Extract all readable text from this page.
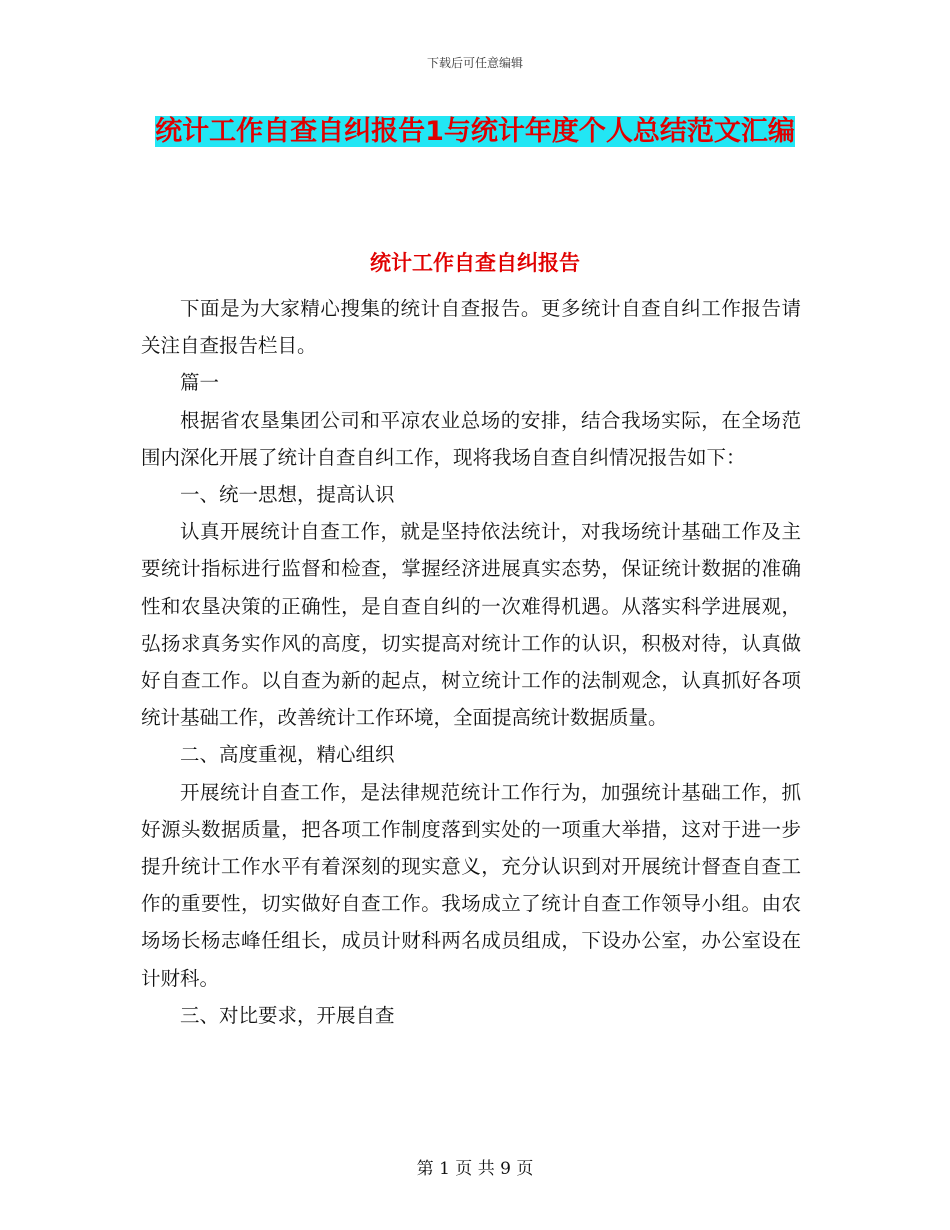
下载后可任意编辑
统计工作自查自纠报告1与统计年度个人总结范文汇编
统计工作自查自纠报告

下面是为大家精心搜集的统计自查报告。更多统计自查自纠工作报告请关注自查报告栏目。

篇一

根据省农垦集团公司和平凉农业总场的安排，结合我场实际，在全场范围内深化开展了统计自查自纠工作，现将我场自查自纠情况报告如下：

一、统一思想，提高认识

认真开展统计自查工作，就是坚持依法统计，对我场统计基础工作及主要统计指标进行监督和检查，掌握经济进展真实态势，保证统计数据的准确性和农垦决策的正确性，是自查自纠的一次难得机遇。从落实科学进展观，弘扬求真务实作风的高度，切实提高对统计工作的认识，积极对待，认真做好自查工作。以自查为新的起点，树立统计工作的法制观念，认真抓好各项统计基础工作，改善统计工作环境，全面提高统计数据质量。

二、高度重视，精心组织

开展统计自查工作，是法律规范统计工作行为，加强统计基础工作，抓好源头数据质量，把各项工作制度落到实处的一项重大举措，这对于进一步提升统计工作水平有着深刻的现实意义，充分认识到对开展统计督查自查工作的重要性，切实做好自查工作。我场成立了统计自查工作领导小组。由农场场长杨志峰任组长，成员计财科两名成员组成，下设办公室，办公室设在计财科。

三、对比要求，开展自查

第 1 页 共 9 页
